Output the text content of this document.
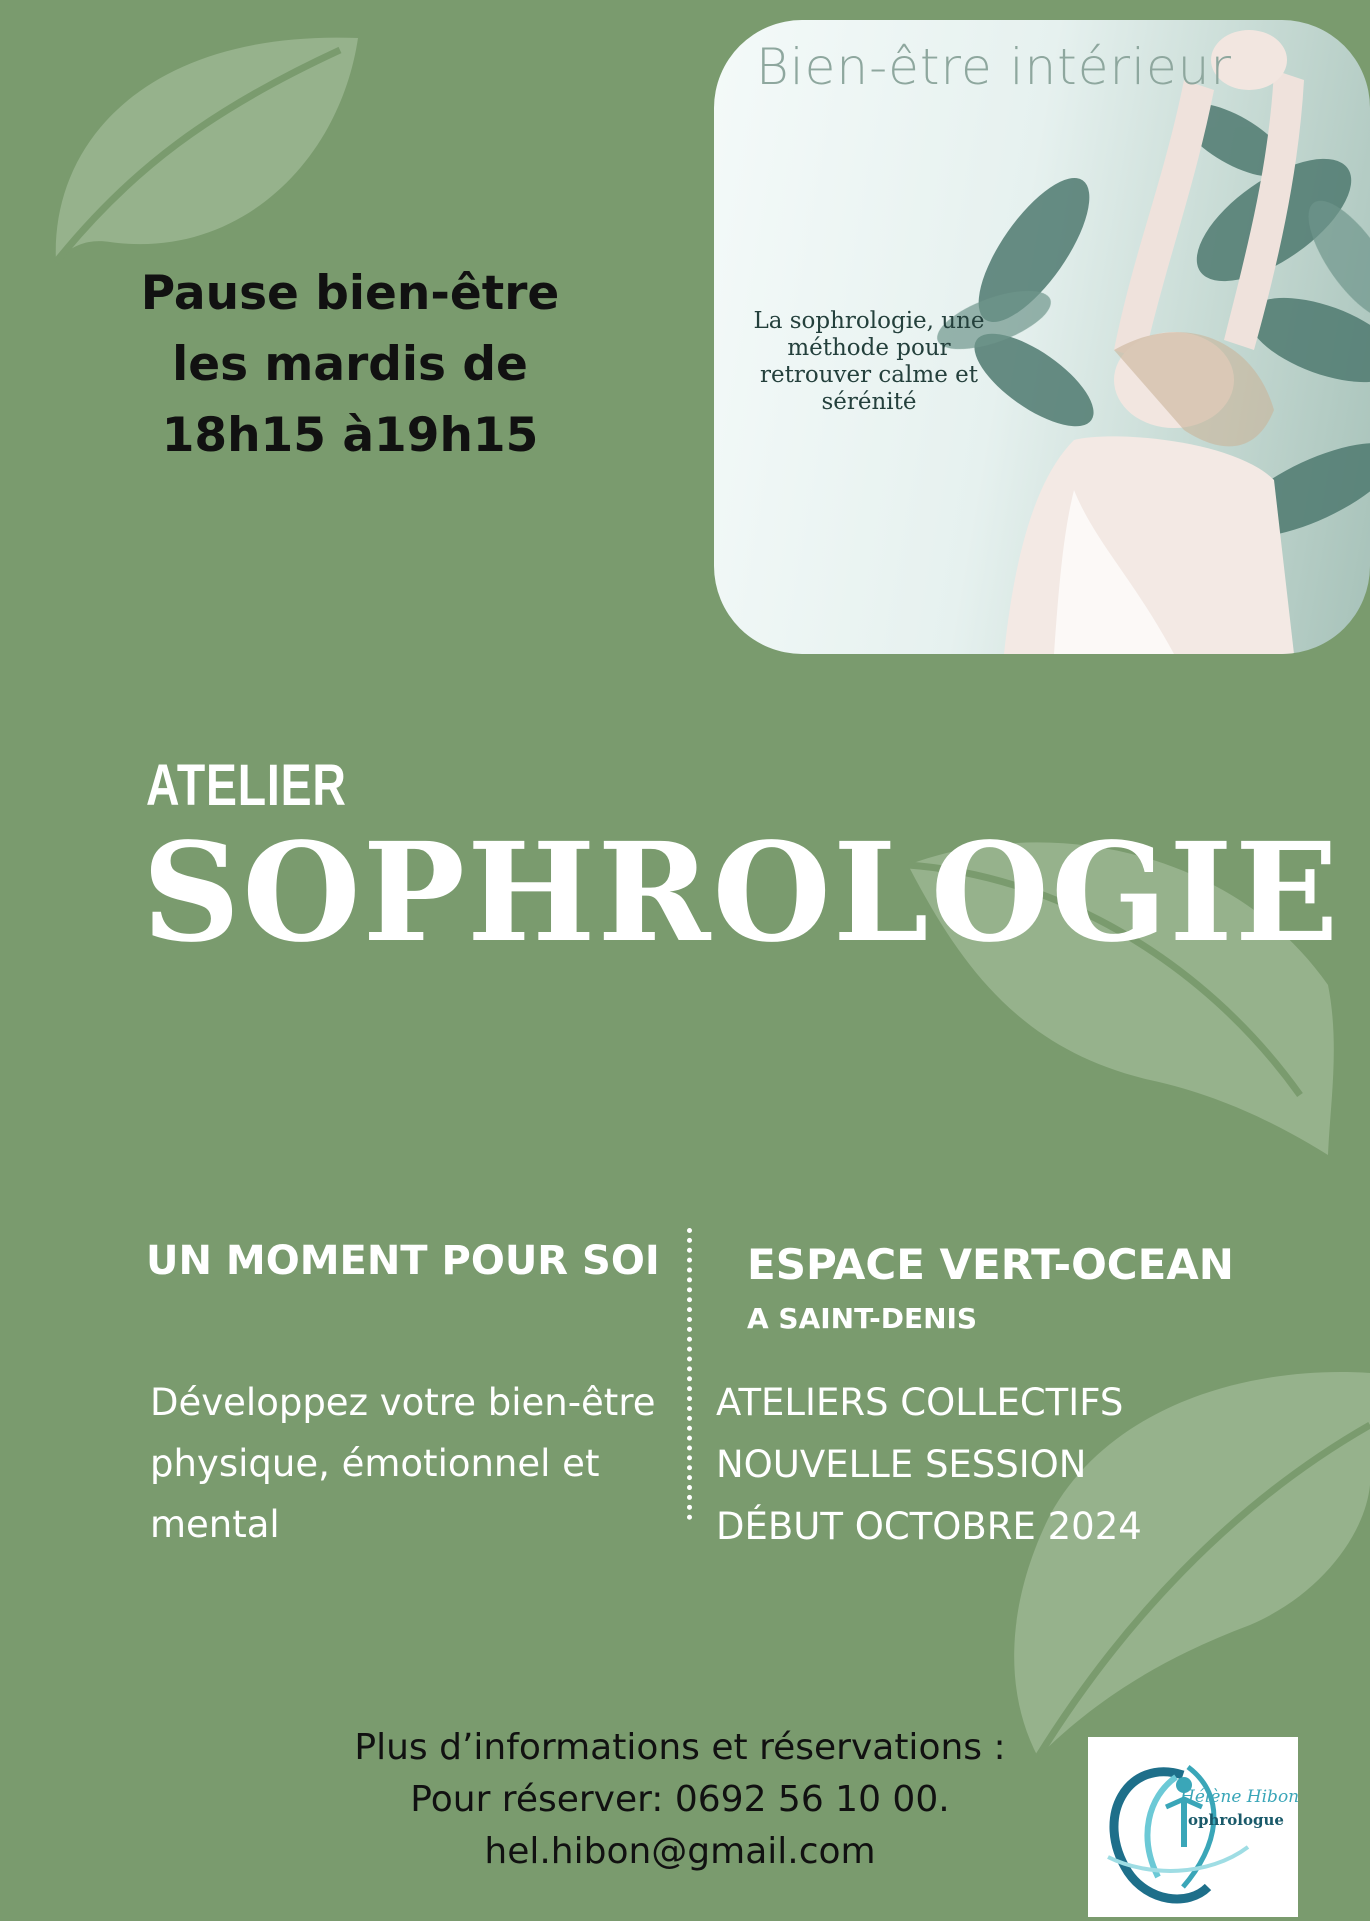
Pause bien-être
les mardis de
18h15 à19h15
Bien-être intérieur
La sophrologie, une méthode pour retrouver calme et sérénité
ATELIER
SOPHROLOGIE
UN MOMENT POUR SOI ESPACE VERT-OCEAN
A SAINT-DENIS
Développez votre bien-être physique, émotionnel et mental
ATELIERS COLLECTIFS
NOUVELLE SESSION
DÉBUT OCTOBRE 2024
Plus d’informations et réservations :
Pour réserver: 0692 56 10 00.
hel.hibon@gmail.com
Hélène Hibon
ophrologue
